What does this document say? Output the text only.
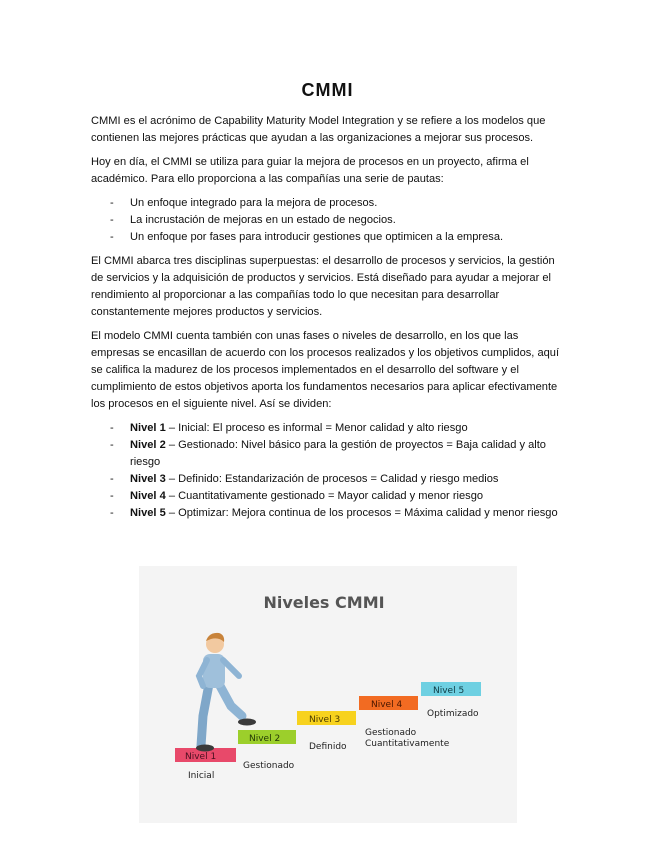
CMMI

CMMI es el acrónimo de Capability Maturity Model Integration y se refiere a los modelos que contienen las mejores prácticas que ayudan a las organizaciones a mejorar sus procesos.

Hoy en día, el CMMI se utiliza para guiar la mejora de procesos en un proyecto, afirma el académico. Para ello proporciona a las compañías una serie de pautas:

- Un enfoque integrado para la mejora de procesos.
- La incrustación de mejoras en un estado de negocios.
- Un enfoque por fases para introducir gestiones que optimicen a la empresa.

El CMMI abarca tres disciplinas superpuestas: el desarrollo de procesos y servicios, la gestión de servicios y la adquisición de productos y servicios. Está diseñado para ayudar a mejorar el rendimiento al proporcionar a las compañías todo lo que necesitan para desarrollar constantemente mejores productos y servicios.

El modelo CMMI cuenta también con unas fases o niveles de desarrollo, en los que las empresas se encasillan de acuerdo con los procesos realizados y los objetivos cumplidos, aquí se califica la madurez de los procesos implementados en el desarrollo del software y el cumplimiento de estos objetivos aporta los fundamentos necesarios para aplicar efectivamente los procesos en el siguiente nivel. Así se dividen:

- Nivel 1 – Inicial: El proceso es informal = Menor calidad y alto riesgo
- Nivel 2 – Gestionado: Nivel básico para la gestión de proyectos = Baja calidad y alto riesgo
- Nivel 3 – Definido: Estandarización de procesos = Calidad y riesgo medios
- Nivel 4 – Cuantitativamente gestionado = Mayor calidad y menor riesgo
- Nivel 5 – Optimizar: Mejora continua de los procesos = Máxima calidad y menor riesgo
Niveles CMMI
Nivel 1
Inicial
Nivel 2
Gestionado
Nivel 3
Definido
Nivel 4
Gestionado
Cuantitativamente
Nivel 5
Optimizado
